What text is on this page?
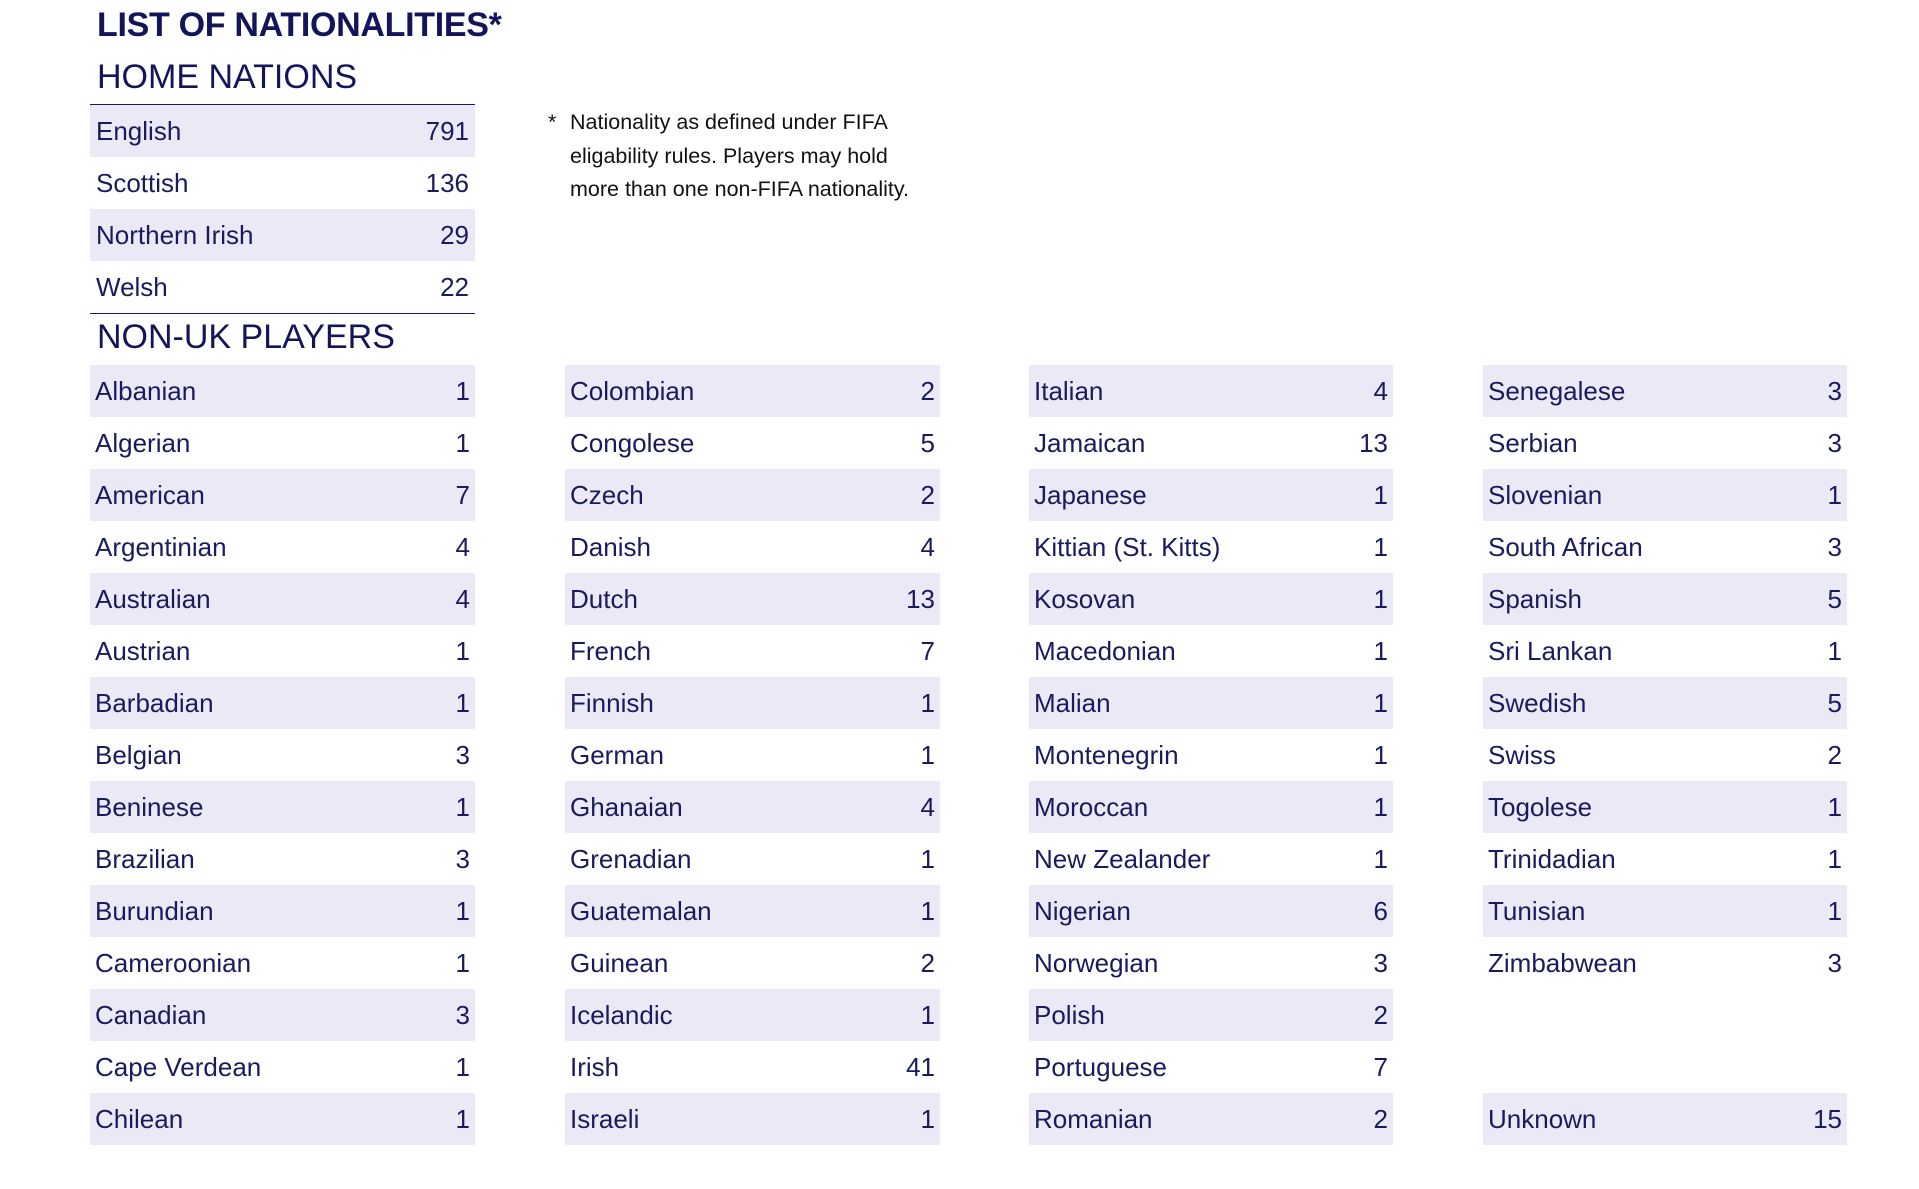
LIST OF NATIONALITIES*
HOME NATIONS
English	791
Scottish	136
Northern Irish	29
Welsh	22
* Nationality as defined under FIFA
eligability rules. Players may hold
more than one non-FIFA nationality.
NON-UK PLAYERS
Albanian	1
Algerian	1
American	7
Argentinian	4
Australian	4
Austrian	1
Barbadian	1
Belgian	3
Beninese	1
Brazilian	3
Burundian	1
Cameroonian	1
Canadian	3
Cape Verdean	1
Chilean	1
Colombian	2
Congolese	5
Czech	2
Danish	4
Dutch	13
French	7
Finnish	1
German	1
Ghanaian	4
Grenadian	1
Guatemalan	1
Guinean	2
Icelandic	1
Irish	41
Israeli	1
Italian	4
Jamaican	13
Japanese	1
Kittian (St. Kitts)	1
Kosovan	1
Macedonian	1
Malian	1
Montenegrin	1
Moroccan	1
New Zealander	1
Nigerian	6
Norwegian	3
Polish	2
Portuguese	7
Romanian	2
Senegalese	3
Serbian	3
Slovenian	1
South African	3
Spanish	5
Sri Lankan	1
Swedish	5
Swiss	2
Togolese	1
Trinidadian	1
Tunisian	1
Zimbabwean	3
Unknown	15
